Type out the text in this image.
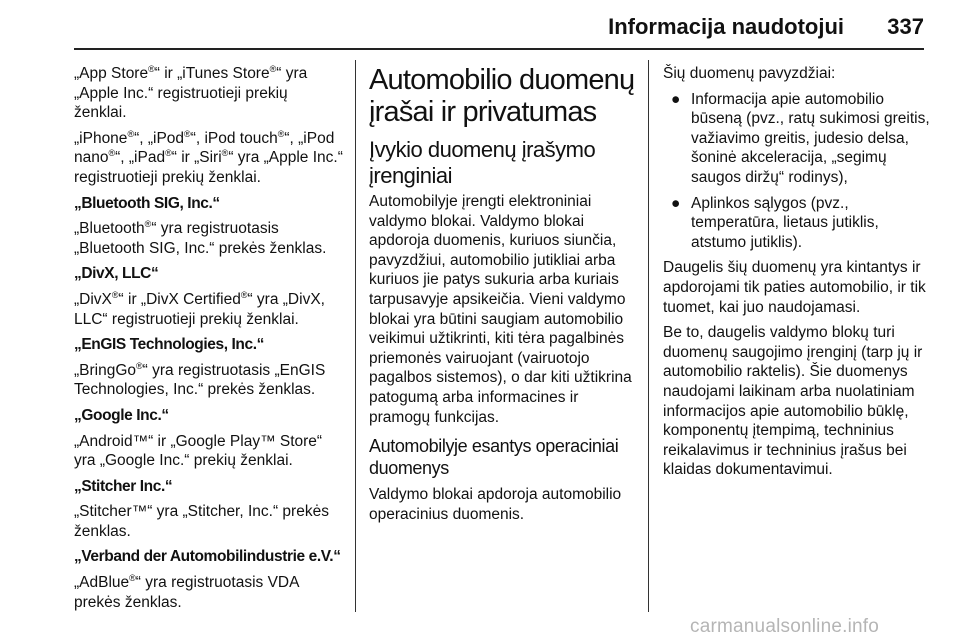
Informacija naudotojui 337

„App Store®“ ir „iTunes Store®“ yra „Apple Inc.“ registruotieji prekių ženklai.

„iPhone®“, „iPod®“, iPod touch®“, „iPod nano®“, „iPad®“ ir „Siri®“ yra „Apple Inc.“ registruotieji prekių ženklai.

„Bluetooth SIG, Inc.“

„Bluetooth®“ yra registruotasis „Bluetooth SIG, Inc.“ prekės ženklas.

„DivX, LLC“

„DivX®“ ir „DivX Certified®“ yra „DivX, LLC“ registruotieji prekių ženklai.

„EnGIS Technologies, Inc.“

„BringGo®“ yra registruotasis „EnGIS Technologies, Inc.“ prekės ženklas.

„Google Inc.“

„Android™“ ir „Google Play™ Store“ yra „Google Inc.“ prekių ženklai.

„Stitcher Inc.“

„Stitcher™“ yra „Stitcher, Inc.“ prekės ženklas.

„Verband der Automobilindustrie e.V.“

„AdBlue®“ yra registruotasis VDA prekės ženklas.

Automobilio duomenų įrašai ir privatumas
Įvykio duomenų įrašymo įrenginiai

Automobilyje įrengti elektroniniai valdymo blokai. Valdymo blokai apdoroja duomenis, kuriuos siunčia, pavyzdžiui, automobilio jutikliai arba kuriuos jie patys sukuria arba kuriais tarpusavyje apsikeičia. Vieni valdymo blokai yra būtini saugiam automobilio veikimui užtikrinti, kiti tėra pagalbinės priemonės vairuojant (vairuotojo pagalbos sistemos), o dar kiti užtikrina patogumą arba informacines ir pramogų funkcijas.

Automobilyje esantys operaciniai duomenys

Valdymo blokai apdoroja automobilio operacinius duomenis.

Šių duomenų pavyzdžiai:

● Informacija apie automobilio būseną (pvz., ratų sukimosi greitis, važiavimo greitis, judesio delsa, šoninė akceleracija, „segimų saugos diržų“ rodinys),
● Aplinkos sąlygos (pvz., temperatūra, lietaus jutiklis, atstumo jutiklis).

Daugelis šių duomenų yra kintantys ir apdorojami tik paties automobilio, ir tik tuomet, kai juo naudojamasi.

Be to, daugelis valdymo blokų turi duomenų saugojimo įrenginį (tarp jų ir automobilio raktelis). Šie duomenys naudojami laikinam arba nuolatiniam informacijos apie automobilio būklę, komponentų įtempimą, techninius reikalavimus ir techninius įrašus bei klaidas dokumentavimui.

carmanualsonline.info
